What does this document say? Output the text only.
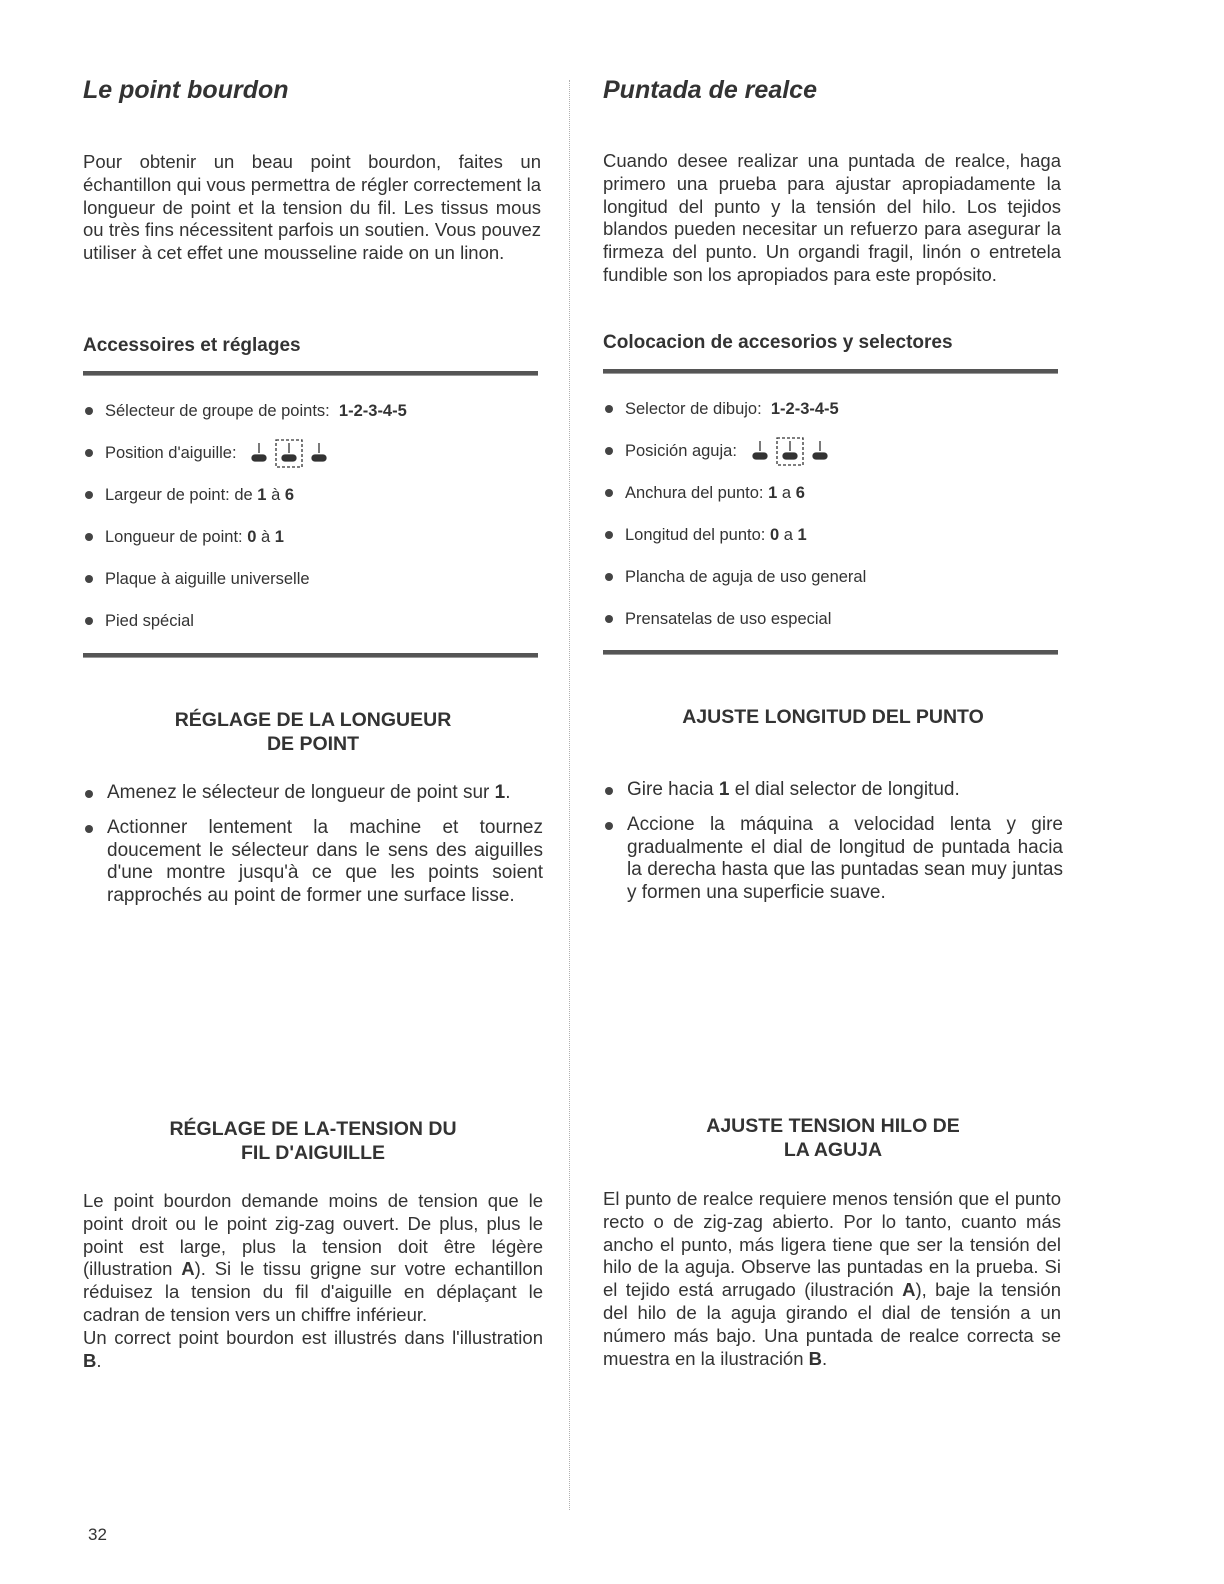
Le point bourdon

Pour obtenir un beau point bourdon, faites un échantillon qui vous permettra de régler correctement la longueur de point et la tension du fil. Les tissus mous ou très fins nécessitent parfois un soutien. Vous pouvez utiliser à cet effet une mousseline raide on un linon.

Accessoires et réglages
Sélecteur de groupe de points: 1-2-3-4-5
Position d'aiguille:
Largeur de point: de 1 à 6
Longueur de point: 0 à 1
Plaque à aiguille universelle
Pied spécial
RÉGLAGE DE LA LONGUEUR
DE POINT
Amenez le sélecteur de longueur de point sur 1.
Actionner lentement la machine et tournez doucement le sélecteur dans le sens des aiguilles d'une montre jusqu'à ce que les points soient rapprochés au point de former une surface lisse.
RÉGLAGE DE LA-TENSION DU
FIL D'AIGUILLE

Le point bourdon demande moins de tension que le point droit ou le point zig-zag ouvert. De plus, plus le point est large, plus la tension doit être légère (illustration A). Si le tissu grigne sur votre echantillon réduisez la tension du fil d'aiguille en déplaçant le cadran de tension vers un chiffre inférieur.
Un correct point bourdon est illustrés dans l'illustration B.

Puntada de realce

Cuando desee realizar una puntada de realce, haga primero una prueba para ajustar apropiadamente la longitud del punto y la tensión del hilo. Los tejidos blandos pueden necesitar un refuerzo para asegurar la firmeza del punto. Un organdi fragil, linón o entretela fundible son los apropiados para este propósito.

Colocacion de accesorios y selectores
Selector de dibujo: 1-2-3-4-5
Posición aguja:
Anchura del punto: 1 a 6
Longitud del punto: 0 a 1
Plancha de aguja de uso general
Prensatelas de uso especial
AJUSTE LONGITUD DEL PUNTO
Gire hacia 1 el dial selector de longitud.
Accione la máquina a velocidad lenta y gire gradualmente el dial de longitud de puntada hacia la derecha hasta que las puntadas sean muy juntas y formen una superficie suave.
AJUSTE TENSION HILO DE
LA AGUJA

El punto de realce requiere menos tensión que el punto recto o de zig-zag abierto. Por lo tanto, cuanto más ancho el punto, más ligera tiene que ser la tensión del hilo de la aguja. Observe las puntadas en la prueba. Si el tejido está arrugado (ilustración A), baje la tensión del hilo de la aguja girando el dial de tensión a un número más bajo. Una puntada de realce correcta se muestra en la ilustración B.

32
